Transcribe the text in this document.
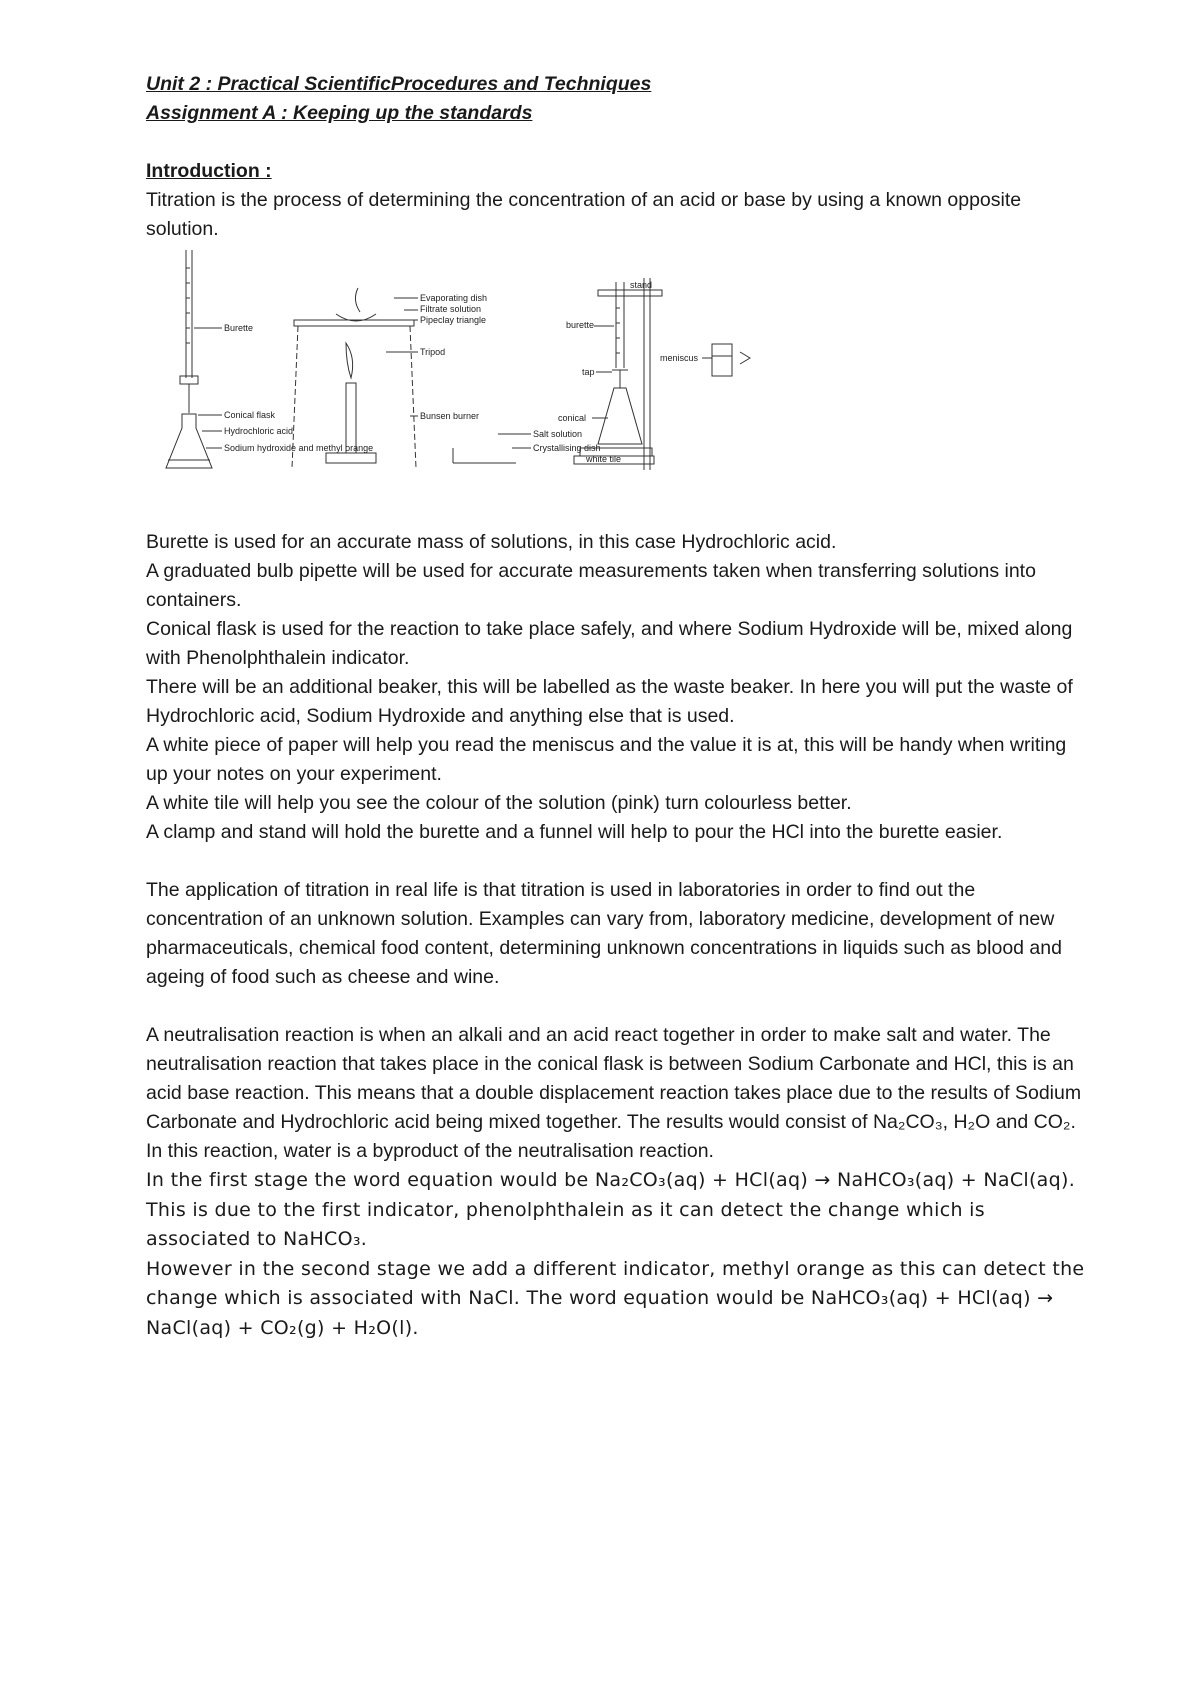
Unit 2 : Practical ScientificProcedures and Techniques

Assignment A : Keeping up the standards

Introduction :

Titration is the process of determining the concentration of an acid or base by using a known opposite solution.

Burette
Conical flask
Hydrochloric acid
Sodium hydroxide and methyl orange
Evaporating dish
Filtrate solution
Pipeclay triangle
Tripod
Bunsen burner
Salt solution
Crystallising dish
stand
burette
tap
conical
white tile
meniscus

Burette is used for an accurate mass of solutions, in this case Hydrochloric acid.

A graduated bulb pipette will be used for accurate measurements taken when transferring solutions into containers.

Conical flask is used for the reaction to take place safely, and where Sodium Hydroxide will be, mixed along with Phenolphthalein indicator.

There will be an additional beaker, this will be labelled as the waste beaker. In here you will put the waste of Hydrochloric acid, Sodium Hydroxide and anything else that is used.

A white piece of paper will help you read the meniscus and the value it is at, this will be handy when writing up your notes on your experiment.

A white tile will help you see the colour of the solution (pink) turn colourless better.

A clamp and stand will hold the burette and a funnel will help to pour the HCl into the burette easier.

The application of titration in real life is that titration is used in laboratories in order to find out the concentration of an unknown solution. Examples can vary from, laboratory medicine, development of new pharmaceuticals, chemical food content, determining unknown concentrations in liquids such as blood and ageing of food such as cheese and wine.

A neutralisation reaction is when an alkali and an acid react together in order to make salt and water. The neutralisation reaction that takes place in the conical flask is between Sodium Carbonate and HCl, this is an acid base reaction. This means that a double displacement reaction takes place due to the results of Sodium Carbonate and Hydrochloric acid being mixed together. The results would consist of Na₂CO₃, H₂O and CO₂. In this reaction, water is a byproduct of the neutralisation reaction.

In the first stage the word equation would be Na₂CO₃(aq) + HCl(aq) → NaHCO₃(aq) + NaCl(aq). This is due to the first indicator, phenolphthalein as it can detect the change which is associated to NaHCO₃.

However in the second stage we add a different indicator, methyl orange as this can detect the change which is associated with NaCl. The word equation would be NaHCO₃(aq) + HCl(aq) → NaCl(aq) + CO₂(g) + H₂O(l).
